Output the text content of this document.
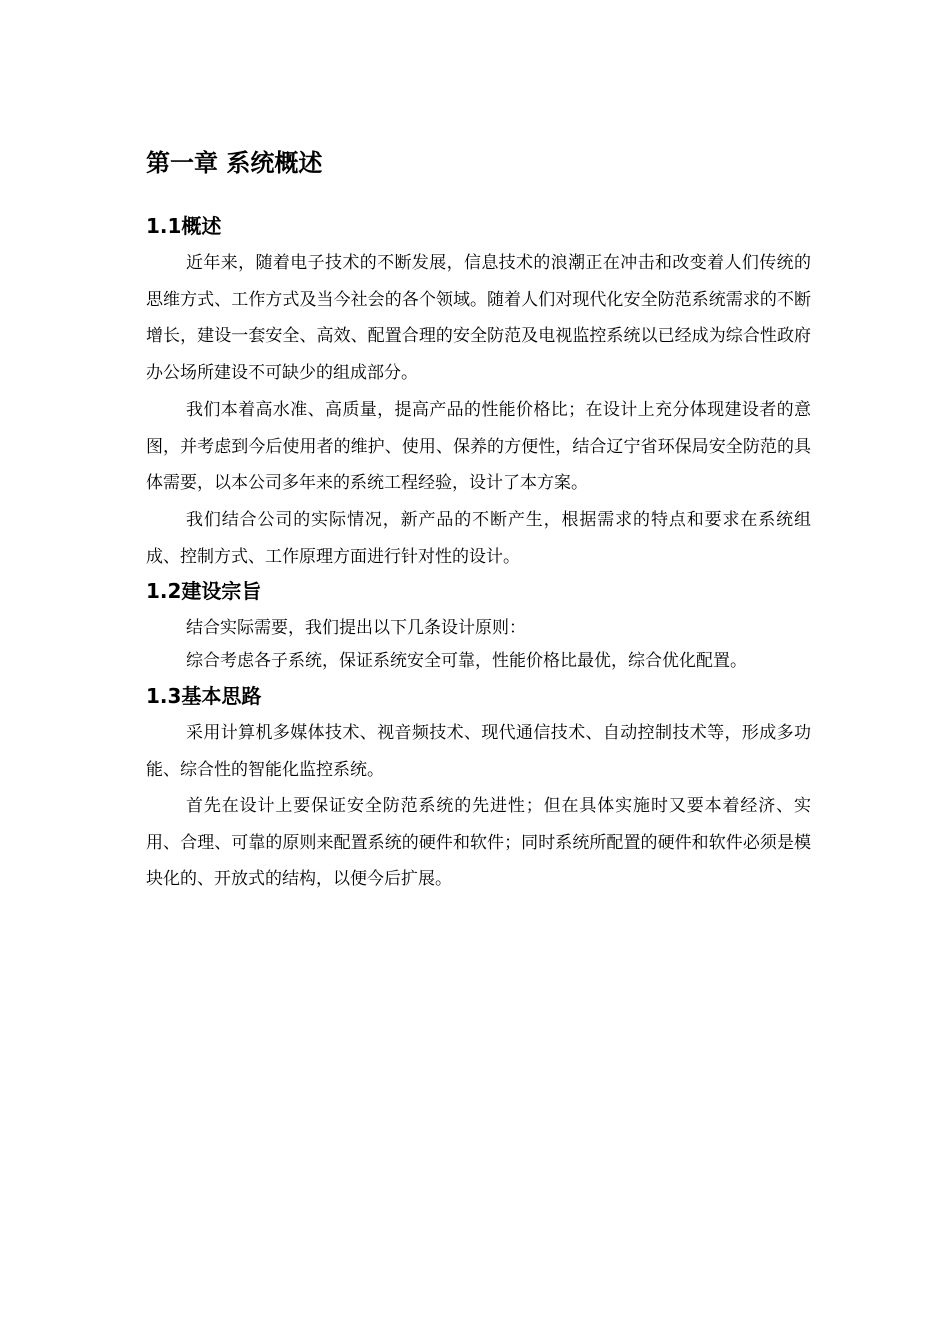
第一章 系统概述
1.1概述

近年来，随着电子技术的不断发展，信息技术的浪潮正在冲击和改变着人们传统的思维方式、工作方式及当今社会的各个领域。随着人们对现代化安全防范系统需求的不断增长，建设一套安全、高效、配置合理的安全防范及电视监控系统以已经成为综合性政府办公场所建设不可缺少的组成部分。

我们本着高水准、高质量，提高产品的性能价格比；在设计上充分体现建设者的意图，并考虑到今后使用者的维护、使用、保养的方便性，结合辽宁省环保局安全防范的具体需要，以本公司多年来的系统工程经验，设计了本方案。

我们结合公司的实际情况，新产品的不断产生，根据需求的特点和要求在系统组成、控制方式、工作原理方面进行针对性的设计。

1.2建设宗旨

结合实际需要，我们提出以下几条设计原则：

综合考虑各子系统，保证系统安全可靠，性能价格比最优，综合优化配置。

1.3基本思路

采用计算机多媒体技术、视音频技术、现代通信技术、自动控制技术等，形成多功能、综合性的智能化监控系统。

首先在设计上要保证安全防范系统的先进性；但在具体实施时又要本着经济、实用、合理、可靠的原则来配置系统的硬件和软件；同时系统所配置的硬件和软件必须是模块化的、开放式的结构，以便今后扩展。
